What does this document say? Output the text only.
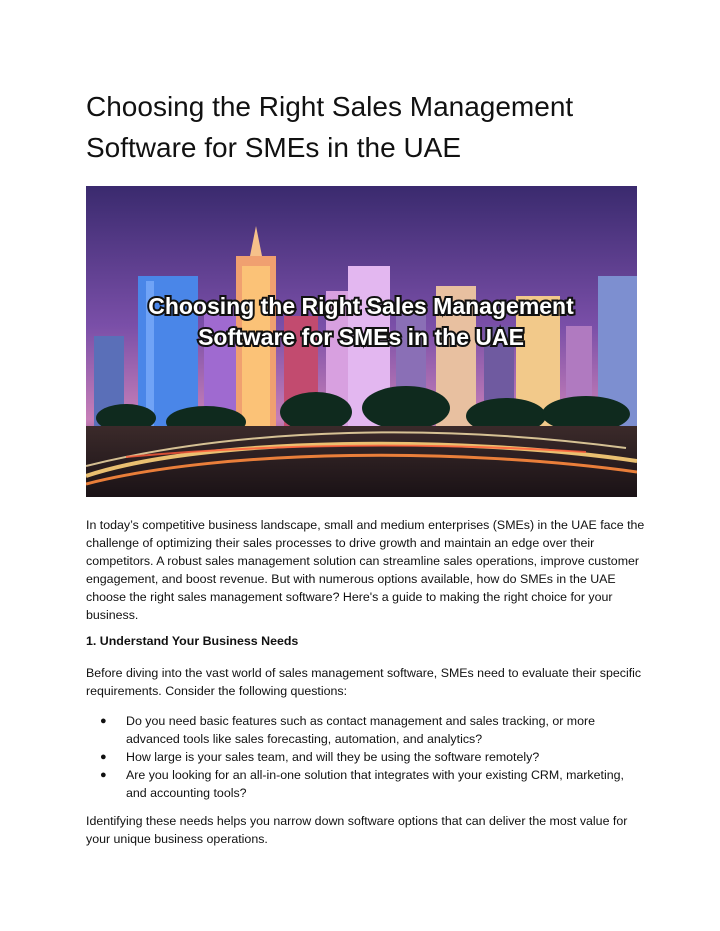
Choosing the Right Sales Management Software for SMEs in the UAE
Choosing the Right Sales Management
Software for SMEs in the UAE

In today’s competitive business landscape, small and medium enterprises (SMEs) in the UAE face the challenge of optimizing their sales processes to drive growth and maintain an edge over their competitors. A robust sales management solution can streamline sales operations, improve customer engagement, and boost revenue. But with numerous options available, how do SMEs in the UAE choose the right sales management software? Here's a guide to making the right choice for your business.

1. Understand Your Business Needs

Before diving into the vast world of sales management software, SMEs need to evaluate their specific requirements. Consider the following questions:

● Do you need basic features such as contact management and sales tracking, or more advanced tools like sales forecasting, automation, and analytics?
● How large is your sales team, and will they be using the software remotely?
● Are you looking for an all-in-one solution that integrates with your existing CRM, marketing, and accounting tools?

Identifying these needs helps you narrow down software options that can deliver the most value for your unique business operations.
